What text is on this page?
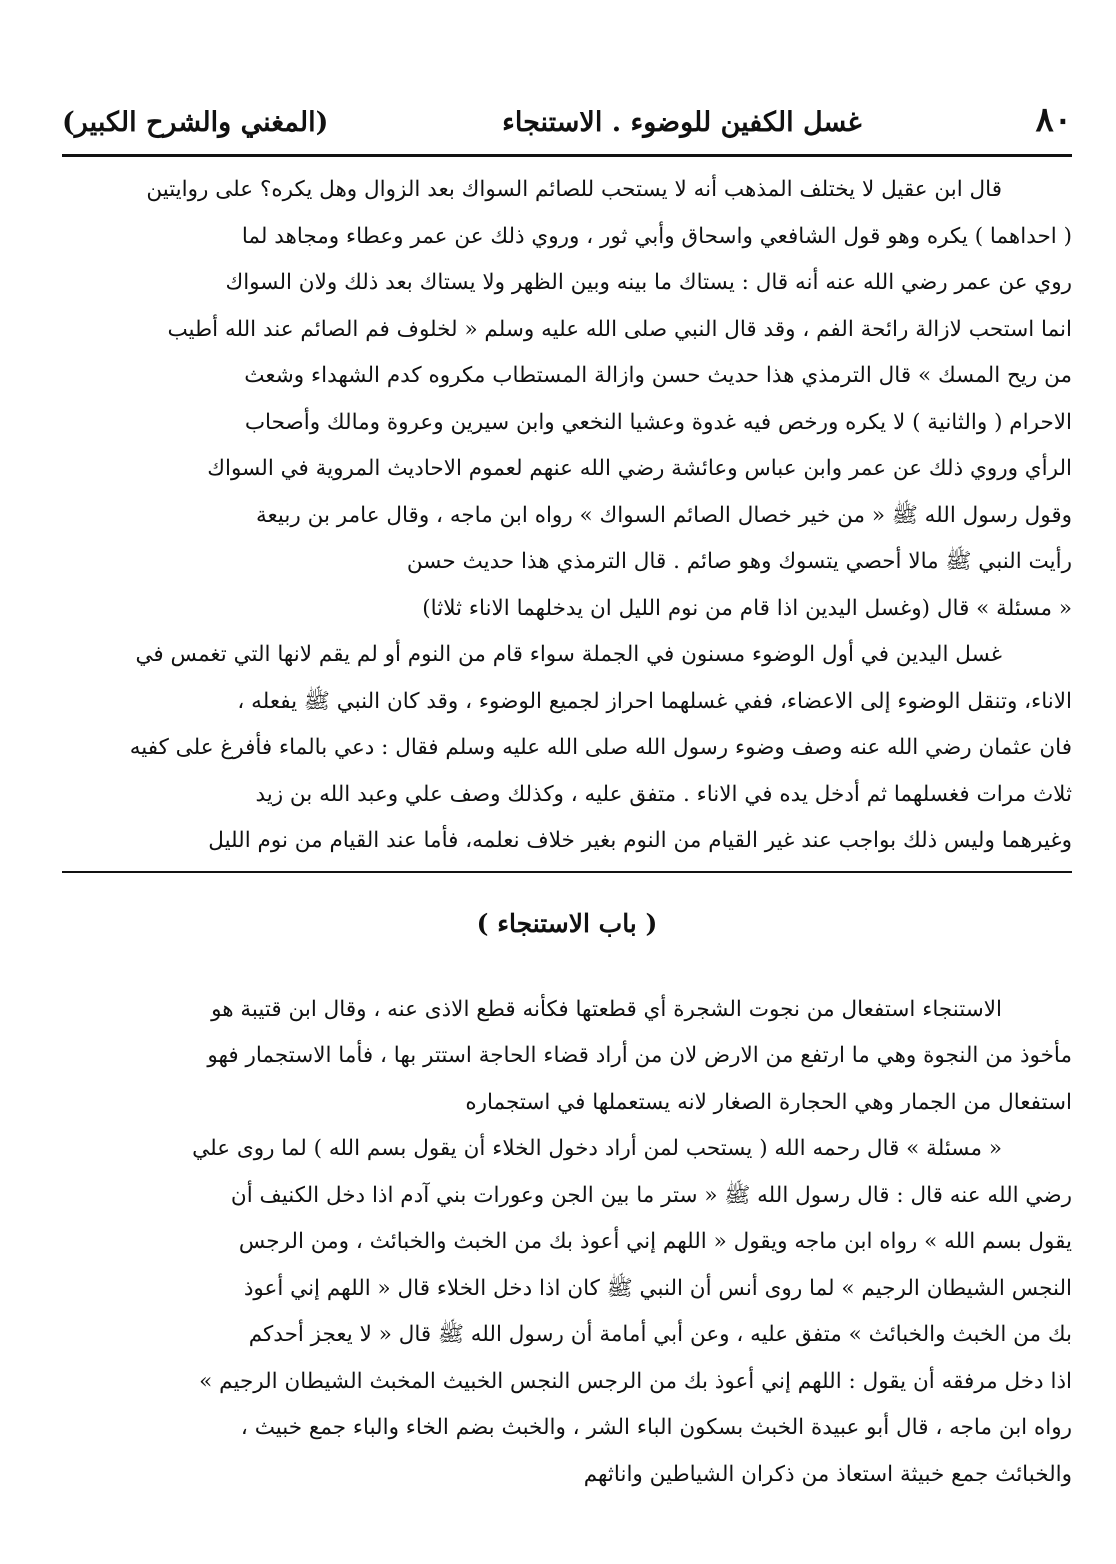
٨٠
غسل الكفين للوضوء . الاستنجاء
(المغني والشرح الكبير)
قال ابن عقيل لا يختلف المذهب أنه لا يستحب للصائم السواك بعد الزوال وهل يكره؟ على روايتين
( احداهما ) يكره وهو قول الشافعي واسحاق وأبي ثور ، وروي ذلك عن عمر وعطاء ومجاهد لما
روي عن عمر رضي الله عنه أنه قال : يستاك ما بينه وبين الظهر ولا يستاك بعد ذلك ولان السواك
انما استحب لازالة رائحة الفم ، وقد قال النبي صلى الله عليه وسلم « لخلوف فم الصائم عند الله أطيب
من ريح المسك » قال الترمذي هذا حديث حسن وازالة المستطاب مكروه كدم الشهداء وشعث
الاحرام ( والثانية ) لا يكره ورخص فيه غدوة وعشيا النخعي وابن سيرين وعروة ومالك وأصحاب
الرأي وروي ذلك عن عمر وابن عباس وعائشة رضي الله عنهم لعموم الاحاديث المروية في السواك
وقول رسول الله ﷺ « من خير خصال الصائم السواك » رواه ابن ماجه ، وقال عامر بن ربيعة
رأيت النبي ﷺ مالا أحصي يتسوك وهو صائم . قال الترمذي هذا حديث حسن
« مسئلة » قال (وغسل اليدين اذا قام من نوم الليل ان يدخلهما الاناء ثلاثا)
غسل اليدين في أول الوضوء مسنون في الجملة سواء قام من النوم أو لم يقم لانها التي تغمس في
الاناء، وتنقل الوضوء إلى الاعضاء، ففي غسلهما احراز لجميع الوضوء ، وقد كان النبي ﷺ يفعله ،
فان عثمان رضي الله عنه وصف وضوء رسول الله صلى الله عليه وسلم فقال : دعي بالماء فأفرغ على كفيه
ثلاث مرات فغسلهما ثم أدخل يده في الاناء . متفق عليه ، وكذلك وصف علي وعبد الله بن زيد
وغيرهما وليس ذلك بواجب عند غير القيام من النوم بغير خلاف نعلمه، فأما عند القيام من نوم الليل
( باب الاستنجاء )
الاستنجاء استفعال من نجوت الشجرة أي قطعتها فكأنه قطع الاذى عنه ، وقال ابن قتيبة هو
مأخوذ من النجوة وهي ما ارتفع من الارض لان من أراد قضاء الحاجة استتر بها ، فأما الاستجمار فهو
استفعال من الجمار وهي الحجارة الصغار لانه يستعملها في استجماره
« مسئلة » قال رحمه الله ( يستحب لمن أراد دخول الخلاء أن يقول بسم الله ) لما روى علي
رضي الله عنه قال : قال رسول الله ﷺ « ستر ما بين الجن وعورات بني آدم اذا دخل الكنيف أن
يقول بسم الله » رواه ابن ماجه ويقول « اللهم إني أعوذ بك من الخبث والخبائث ، ومن الرجس
النجس الشيطان الرجيم » لما روى أنس أن النبي ﷺ كان اذا دخل الخلاء قال « اللهم إني أعوذ
بك من الخبث والخبائث » متفق عليه ، وعن أبي أمامة أن رسول الله ﷺ قال « لا يعجز أحدكم
اذا دخل مرفقه أن يقول : اللهم إني أعوذ بك من الرجس النجس الخبيث المخبث الشيطان الرجيم »
رواه ابن ماجه ، قال أبو عبيدة الخبث بسكون الباء الشر ، والخبث بضم الخاء والباء جمع خبيث ،
والخبائث جمع خبيثة استعاذ من ذكران الشياطين واناثهم
